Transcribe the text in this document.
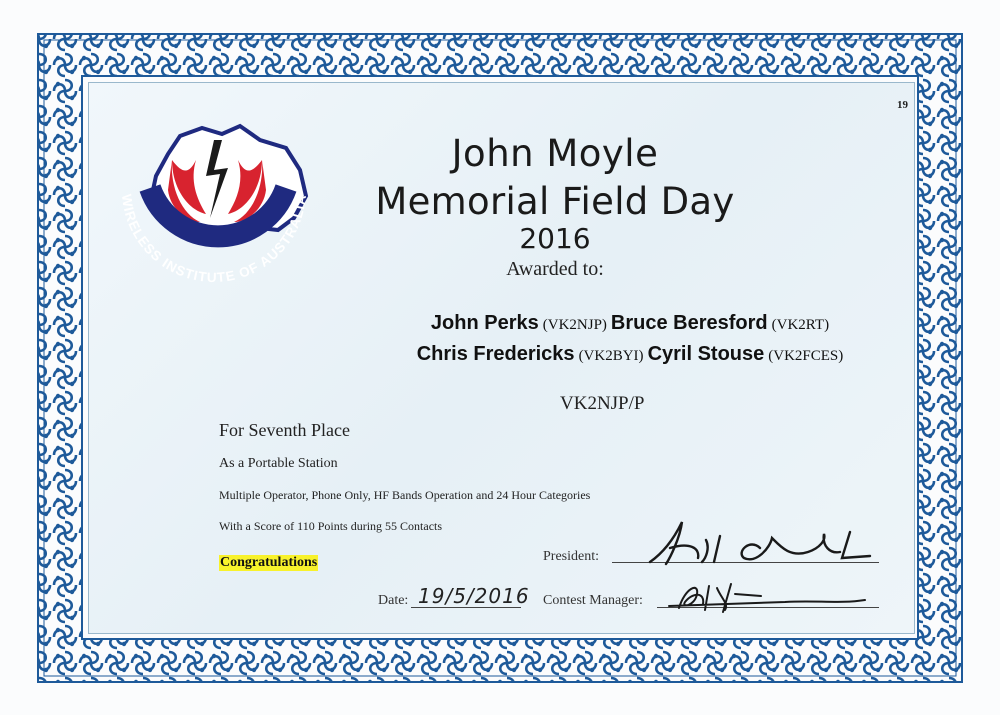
19
WIRELESS INSTITUTE OF AUSTRALIA
John Moyle
Memorial Field Day
2016
Awarded to:
John Perks (VK2NJP) Bruce Beresford (VK2RT)
Chris Fredericks (VK2BYI) Cyril Stouse (VK2FCES)
VK2NJP/P
For Seventh Place
As a Portable Station
Multiple Operator, Phone Only, HF Bands Operation and 24 Hour Categories
With a Score of 110 Points during 55 Contacts
Congratulations	President:
Date: 19/5/2016 Contest Manager:
